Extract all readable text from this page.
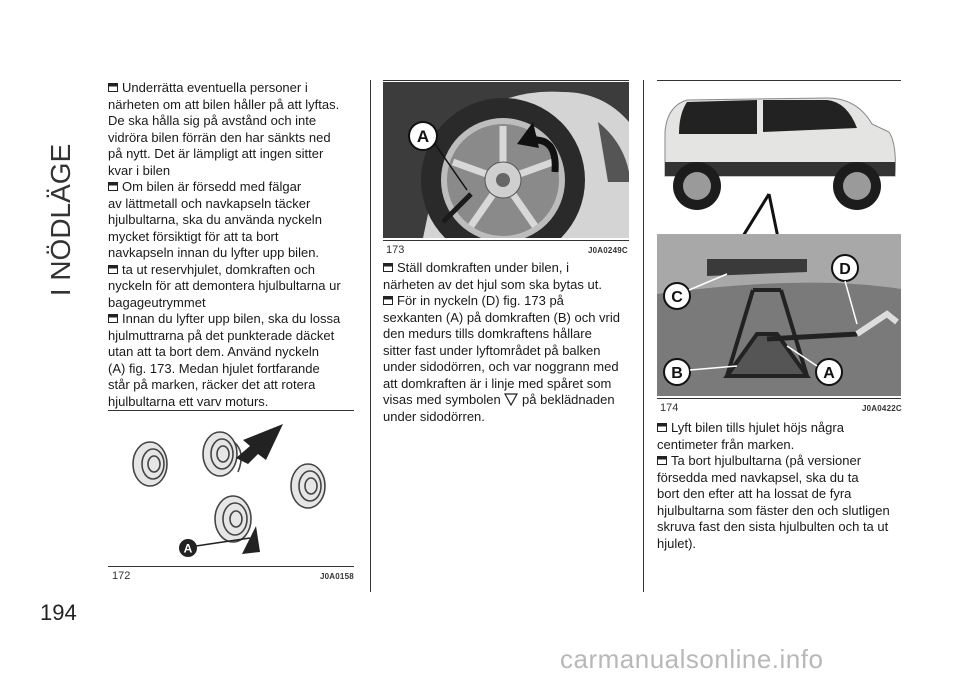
I NÖDLÄGE
194

Underrätta eventuella personer i

närheten om att bilen håller på att lyftas.

De ska hålla sig på avstånd och inte

vidröra bilen förrän den har sänkts ned

på nytt. Det är lämpligt att ingen sitter

kvar i bilen

Om bilen är försedd med fälgar

av lättmetall och navkapseln täcker

hjulbultarna, ska du använda nyckeln

mycket försiktigt för att ta bort

navkapseln innan du lyfter upp bilen.

ta ut reservhjulet, domkraften och

nyckeln för att demontera hjulbultarna ur

bagageutrymmet

Innan du lyfter upp bilen, ska du lossa

hjulmuttrarna på det punkterade däcket

utan att ta bort dem. Använd nyckeln

(A) fig. 173. Medan hjulet fortfarande

står på marken, räcker det att rotera

hjulbultarna ett varv moturs.

A
172	J0A0158
A
173	J0A0249C

Ställ domkraften under bilen, i

närheten av det hjul som ska bytas ut.

För in nyckeln (D) fig. 173 på

sexkanten (A) på domkraften (B) och vrid

den medurs tills domkraftens hållare

sitter fast under lyftområdet på balken

under sidodörren, och var noggrann med

att domkraften är i linje med spåret som

visas med symbolen på beklädnaden

under sidodörren.

C
D
B	A
174	J0A0422C

Lyft bilen tills hjulet höjs några

centimeter från marken.

Ta bort hjulbultarna (på versioner

försedda med navkapsel, ska du ta

bort den efter att ha lossat de fyra

hjulbultarna som fäster den och slutligen

skruva fast den sista hjulbulten och ta ut

hjulet).

carmanualsonline.info
